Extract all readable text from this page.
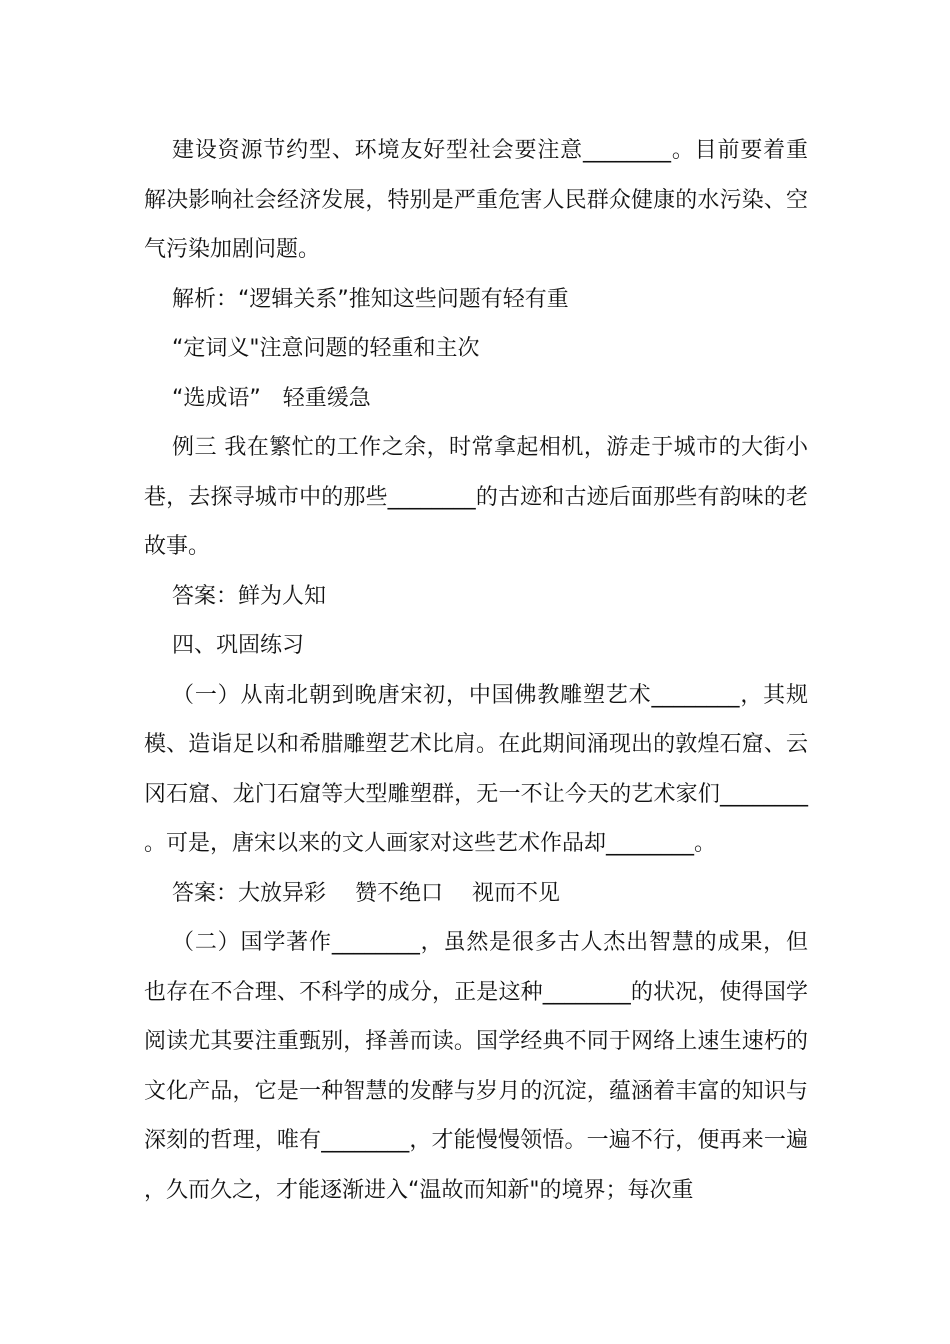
建设资源节约型、环境友好型社会要注意________。目前要着重解决影响社会经济发展，特别是严重危害人民群众健康的水污染、空气污染加剧问题。

解析：“逻辑关系”推知这些问题有轻有重

“定词义"注意问题的轻重和主次

“选成语”　轻重缓急

例三 我在繁忙的工作之余，时常拿起相机，游走于城市的大街小巷，去探寻城市中的那些________的古迹和古迹后面那些有韵味的老故事。

答案：鲜为人知

四、巩固练习

（一）从南北朝到晚唐宋初，中国佛教雕塑艺术________，其规模、造诣足以和希腊雕塑艺术比肩。在此期间涌现出的敦煌石窟、云冈石窟、龙门石窟等大型雕塑群，无一不让今天的艺术家们________。可是，唐宋以来的文人画家对这些艺术作品却________。

答案：大放异彩　 赞不绝口　 视而不见

（二）国学著作________，虽然是很多古人杰出智慧的成果，但也存在不合理、不科学的成分，正是这种________的状况，使得国学阅读尤其要注重甄别，择善而读。国学经典不同于网络上速生速朽的文化产品，它是一种智慧的发酵与岁月的沉淀，蕴涵着丰富的知识与深刻的哲理，唯有________，才能慢慢领悟。一遍不行，便再来一遍，久而久之，才能逐渐进入“温故而知新"的境界；每次重
